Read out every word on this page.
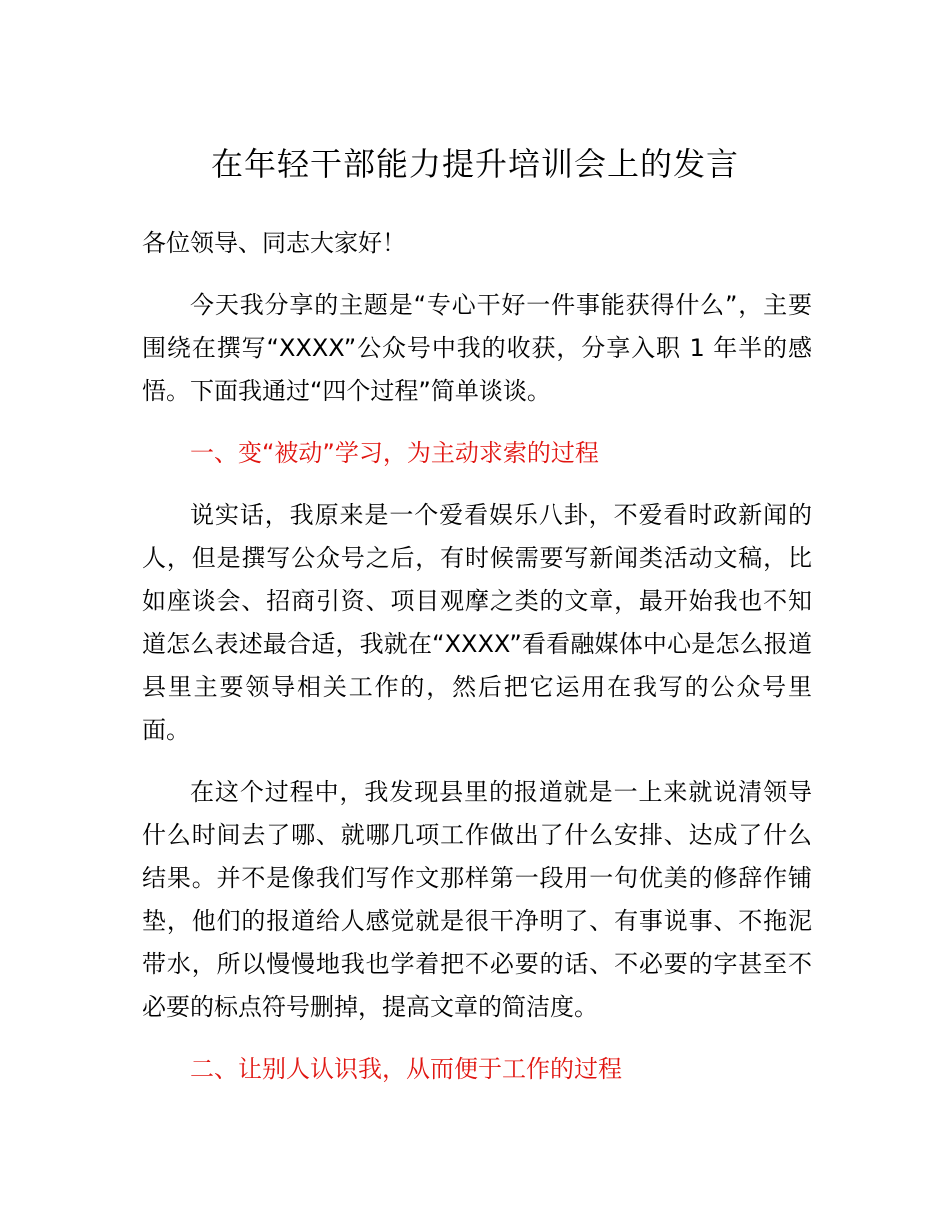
在年轻干部能力提升培训会上的发言

各位领导、同志大家好！

今天我分享的主题是“专心干好一件事能获得什么”，主要围绕在撰写“XXXX”公众号中我的收获，分享入职 1 年半的感悟。下面我通过“四个过程”简单谈谈。

一、变“被动”学习，为主动求索的过程

说实话，我原来是一个爱看娱乐八卦，不爱看时政新闻的人，但是撰写公众号之后，有时候需要写新闻类活动文稿，比如座谈会、招商引资、项目观摩之类的文章，最开始我也不知道怎么表述最合适，我就在“XXXX”看看融媒体中心是怎么报道县里主要领导相关工作的，然后把它运用在我写的公众号里面。

在这个过程中，我发现县里的报道就是一上来就说清领导什么时间去了哪、就哪几项工作做出了什么安排、达成了什么结果。并不是像我们写作文那样第一段用一句优美的修辞作铺垫，他们的报道给人感觉就是很干净明了、有事说事、不拖泥带水，所以慢慢地我也学着把不必要的话、不必要的字甚至不必要的标点符号删掉，提高文章的简洁度。

二、让别人认识我，从而便于工作的过程
